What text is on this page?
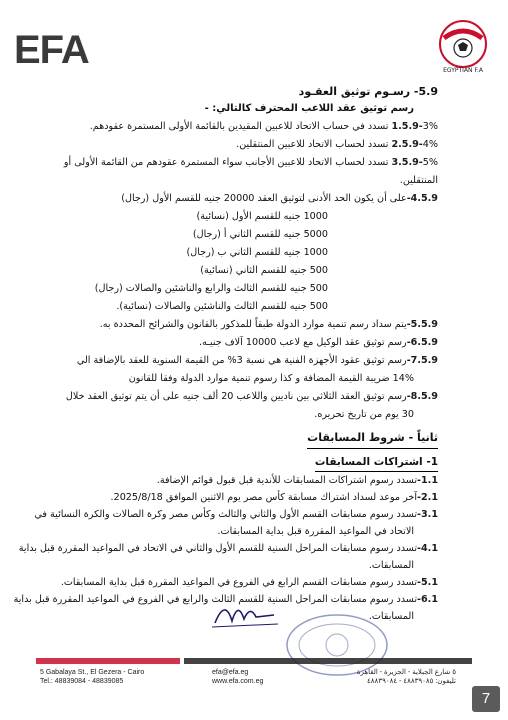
EFA	EGYPTIAN F.A
5.9- رسـوم توثيق العقـود
رسم توثيق عقد اللاعب المحترف كالتالي: -
1.5.9-3% تسدد في حساب الاتحاد للاعبين المقيدين بالقائمة الأولى المستمرة عقودهم.
2.5.9-4% تسدد لحساب الاتحاد للاعبين المنتقلين.
3.5.9-5% تسدد لحساب الاتحاد للاعبين الأجانب سواء المستمرة عقودهم من القائمة الأولى أو
المنتقلين.
4.5.9-على أن يكون الحد الأدنى لتوثيق العقد 20000 جنيه للقسم الأول (رجال)
1000 جنيه للقسم الأول (نسائية)
5000 جنيه للقسم الثاني أ (رجال)
1000 جنيه للقسم الثاني ب (رجال)
500 جنيه للقسم الثاني (نسائية)
500 جنيه للقسم الثالث والرابع والناشئين والصالات (رجال)
500 جنيه للقسم الثالث والناشئين والصالات (نسائية).
5.5.9-يتم سداد رسم تنمية موارد الدولة طبقاً للمذكور بالقانون والشرائح المحددة به.
6.5.9-رسم توثيق عقد الوكيل مع لاعب 10000 آلاف جنيـه.
7.5.9-رسم توثيق عقود الأجهزة الفنية هي نسبة 3% من القيمة السنوية للعقد بالإضافة الي
14% ضريبة القيمة المضافة و كذا رسوم تنمية موارد الدولة وفقا للقانون
8.5.9-رسم توثيق العقد الثلاثي بين ناديين واللاعب 20 ألف جنيه على أن يتم توثيق العقد خلال
30 يوم من تاريخ تحريره.
ثانياً - شروط المسابقات
1- اشتراكات المسابقات
1.1-تسدد رسوم اشتراكات المسابقات للأندية قبل قبول قوائم الإضافة.
2.1-آخر موعد لسداد اشتراك مسابقة كأس مصر يوم الاثنين الموافق 2025/8/18.
3.1-تسدد رسوم مسابقات القسم الأول والثاني والثالث وكأس مصر وكرة الصالات والكرة النسائية في
الاتحاد في المواعيد المقررة قبل بداية المسابقات.
4.1-تسدد رسوم مسابقات المراحل السنية للقسم الأول والثاني في الاتحاد في المواعيد المقررة قبل بداية
المسابقات.
5.1-تسدد رسوم مسابقات القسم الرابع في الفروع في المواعيد المقررة قبل بداية المسابقات.
6.1-تسدد رسوم مسابقات المراحل السنية للقسم الثالث والرابع في الفروع في المواعيد المقررة قبل بداية
المسابقات.
5 Gabalaya St., El Gezera - Cairo
Tel.: 48839084 - 48839085
efa@efa.eg
www.efa.com.eg
٥ شارع الجبلاية - الجزيرة - القاهرة
تليفون: ٤٨٨٣٩٠٨٥ - ٤٨٨٣٩٠٨٤
7
